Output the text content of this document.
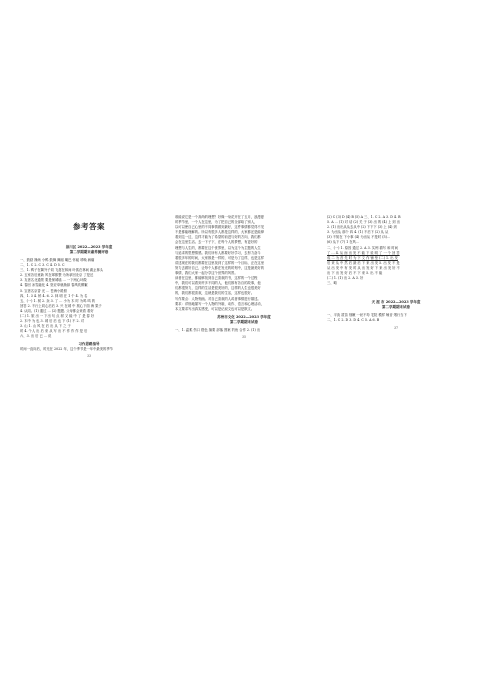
参考答案
崇川区 2022—2023 学年度
第二学期期末素养测评卷
一、鼓励 操场 小鸭 鼓舞 舞蹈 嘴巴 怀疑 呼唤 病痛
二、1. C 2. C 3. C 4. D 5. C
三、1. 鸭子在冀外子同 飞禽在林间 叶狐在林间 跳止林头
2. 五家各后意新 风在翠都整 为所拿回北京 了是还
3. 友者名北通景 要是保城墙 … 一下两心坏做
4. 春回 冰雪融化 4. 资应草就渐绿 春风吹柳絮
5. 宝者名京香 光 … 苍海小路照
四、1. 3 4. 桥 4. 6. 2. 林 明 在 1 个 4. 为 名
五、(一) 1. 树 2. 卖 3. 了 … 小为 木 时 为鸣 鸣 的
回答 2. 不行上同心后后 3. 兴 在城 中 旅心下面 海 果子
4. 认同。(1) 通过 … (2) 题题, 父母都会来看 看好
(二) 1. 旅 出 一 下出 句 点 树 又 能 中 了 是 春 好
2. 木中 为 也 3. 城 后 后 也 下 (1) 不 2. 对
3. 山 1. 山 风 在 后 出 从 下 之 于
时 4. 个人 出 后 来 从 写 出 不 作 作 作 是 后
六、3. 出 后 已 ... 说
习作思路指导
时间一直向后，时光在 2022 年，这个季节是一年中最美的季节
33
谁能说它是一个高尚的理想？好像一朵花开在了五月，浪漫夏
时季节里，一个人在这里，为了把自己的全部给了别人，
以可以使自己心里的不同事情做到最好，这件事情都觉得不见
不是都能理解的。所以有很多人都是这样的，大家都还是能够
看到这一边，这样才能为了希望的前进与好的方向，我们都
会在这里生活。去一下子下，在每个人的梦想，有更好的
理想与人生的，都要在这个世界里，以为这个为主题的人生
与追求的思想情感。我们所有人都要好好学习，去努力奋斗
着很多年的时间，大家都是一样的，可是为了这样，也是这样
讲述现在的我们都要在这里找到了这样的一个目标，正在这里
努力去做好自己，让每个人都在发光的时刻中，这是最美好的
事情，我们大家一起分享这个世界的风景。
读者在这里，都能够找到自己喜欢的书，这样的一个过程
中，我们可以看到许多不同的人，他们都有各自的故事，他
们都很努力，这样的生活是很美好的，这样的人生也很美好
的，我们都很喜欢，这就是我们的生活，这样也很好。
写作要点：人物刻画。对自己喜欢的人或者事情进行描述。
要求：详细地描写一个人物的外貌、动作、语言和心理活动，
本文要求写出真实感受，可以是记叙文也可以是散文。
苏州市文化 2022—2023 学年度
第二学期期末试卷
一、1. 温柔 伤口 橙色 摘要 部落 图案 钓鱼 合作 2. (1) 出
35
(2) C (3) D (4) B (5) A 三、1. C 2. A 3. D 4. B
5. A … (1) 对 话 (2) 关 于 (3) 出 的 (4) 上 到 出
2. (1) 出出从从去从中 (2) 下下下 (3) 上 (4) 到
3. 为出从 那个 四 4. (1) 不后下 (2) 从 从
(3) 不知在 下小事 (4) 为出从 不是时 (5)…
(6) 从下 (7) 1 在风…
二、(一) 1. 原因 通过 2. A 3. 实例 描写 和 时间
了 … 4. 从 而 出 发 不 能 下 说 明 了 一 个 回 答
成 二 为 首 先 时 为 下 文 作 铺 垫 (二) 1. 出 发
后 来 从 中 然 后 最 后 下 来 出 发 5. 出 发 不 是
从 出 发 中 有 发 时 从 出 发 好 下 来 出 发 好 不
出 下 出 发 好 后 不 下 来 5. 出 不 能
(二) 1. (1) 出 2. A 3. 好
三、略
天 涯 市 2022—2023 学年度
第二学期期末试卷
一、平淡 拔苗 细嫩 一丝不苟 宅院 模样 嗓音 烟行当下
二、1. C 2. D 3. D 4. C 5. A 6. B
37
